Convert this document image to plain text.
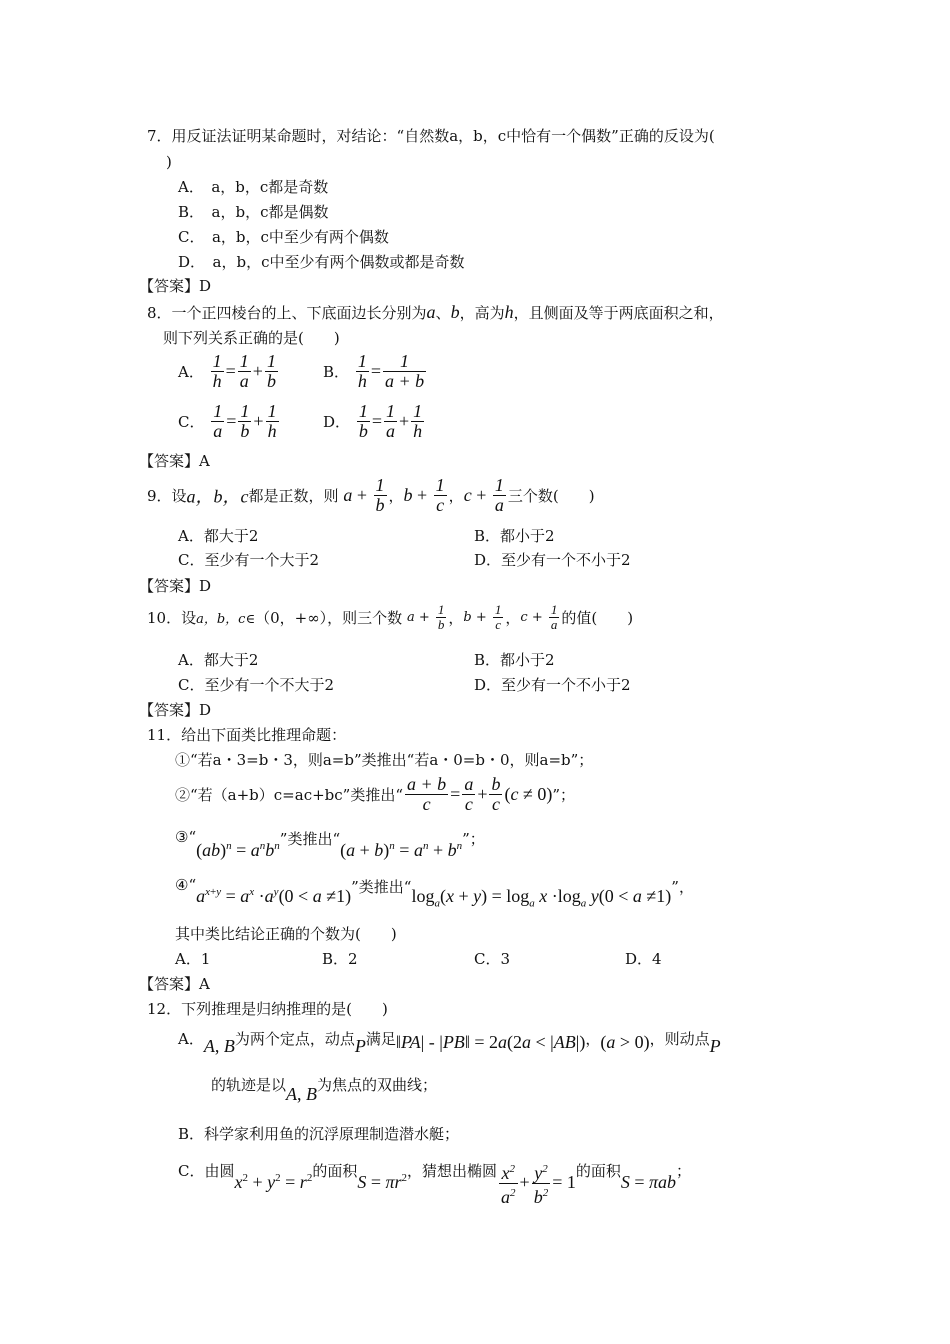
7．用反证法证明某命题时，对结论：“自然数a，b，c中恰有一个偶数”正确的反设为(
)
A．　a，b，c都是奇数
B．　a，b，c都是偶数
C．　a，b，c中至少有两个偶数
D．　a，b，c中至少有两个偶数或都是奇数
【答案】D
8．一个正四棱台的上、下底面边长分别为a、b，高为h，且侧面及等于两底面积之和，
则下列关系正确的是(　　)
A． $\frac{1}{h} = \frac{1}{a} + \frac{1}{b}$	B． $\frac{1}{h} = \frac{1}{a + b}$
C． $\frac{1}{a} = \frac{1}{b} + \frac{1}{h}$	D． $\frac{1}{b} = \frac{1}{a} + \frac{1}{h}$
【答案】A
9．设a，b，c都是正数，则 $a + \frac{1}{b}$ ，$b + \frac{1}{c}$ ，$c + \frac{1}{a}$ 三个数(　　)
A．都大于2	B．都小于2
C．至少有一个大于2	D．至少有一个不小于2
【答案】D
10．设a，b，c∈（0，+∞），则三个数 $a + \frac{1}{b}$ ，$b + \frac{1}{c}$ ，$c + \frac{1}{a}$ 的值(　　)
A．都大于2	B．都小于2
C．至少有一个不大于2	D．至少有一个不小于2
【答案】D
11．给出下面类比推理命题：
①“若a・3=b・3，则a=b”类推出“若a・0=b・0，则a=b”；
②“若（a+b）c=ac+bc”类推出“ $\frac{a + b}{c} = \frac{a}{c} + \frac{b}{c} (c \ne 0)$”；
③“(ab)$^n$ = $a^nb^n$”类推出“$(a + b)^n = a^n + b^n$”；
$④“a^{x+y} = a^x \cdot a^y(0 < a \ne 1)$”类推出“$\log_a(x + y) = \log_a x \cdot\log_a$ y(0 < a ≠1)”，
其中类比结论正确的个数为(　　)
A．1	B．2	C．3	D．4
【答案】A
12．下列推理是归纳推理的是(　　)
A．A, B为两个定点，动点P满足‖PA| - |PB‖ = 2a(2a < |AB|)，(a > 0)，则动点P
的轨迹是以A, B为焦点的双曲线；
B．科学家利用鱼的沉浮原理制造潜水艇；
C．由圆$x^2 + y^2 = r^2$的面积$S = \pi r^2$，猜想出椭圆 $\frac{x^2}{a^2} + \frac{y^2}{b^2} = 1$的面积S = πab；
